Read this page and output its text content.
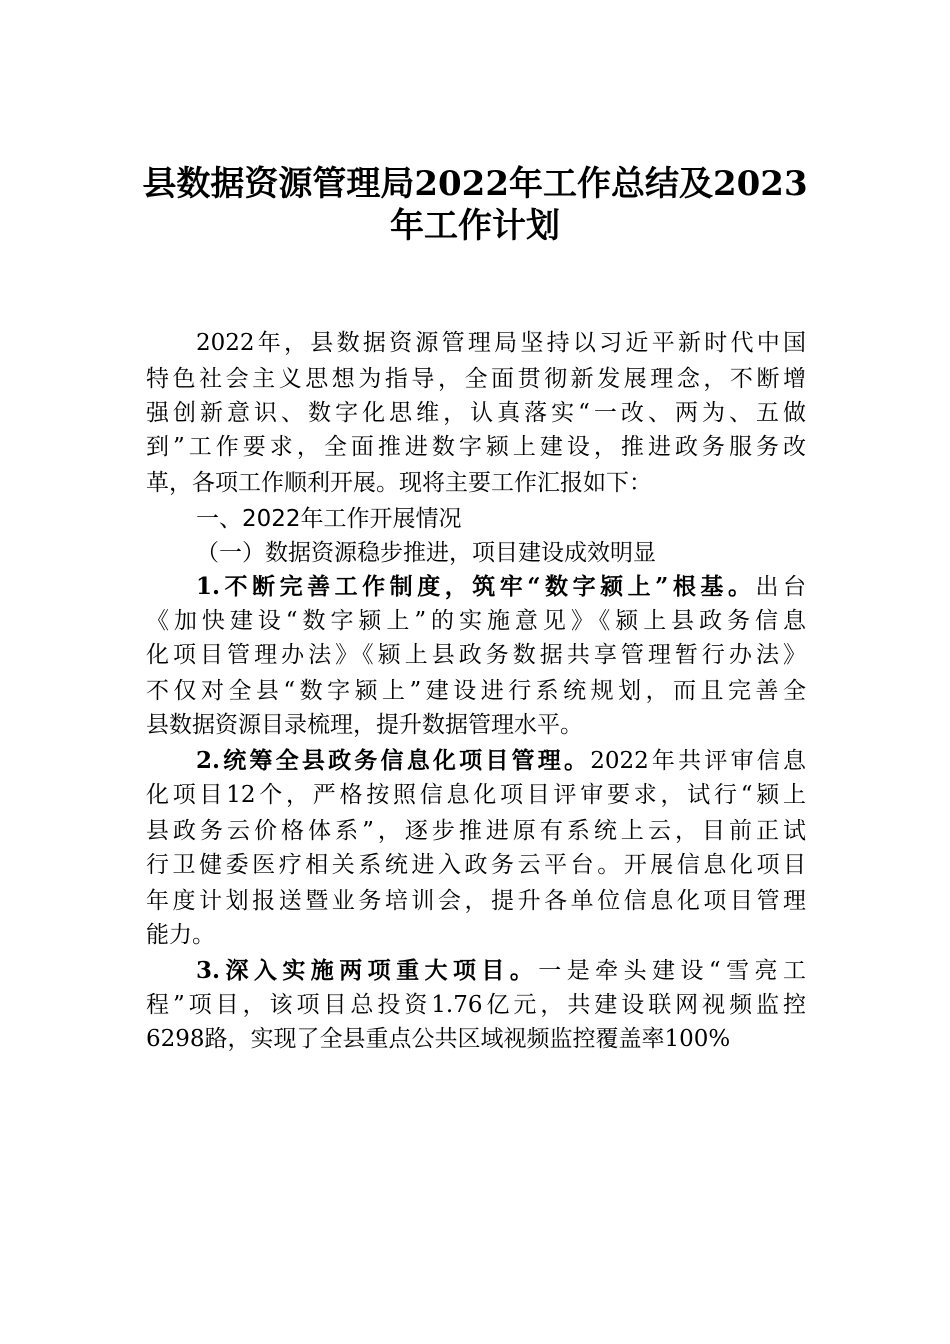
县数据资源管理局2022年工作总结及2023
年工作计划

2022年，县数据资源管理局坚持以习近平新时代中国

特色社会主义思想为指导，全面贯彻新发展理念，不断增

强创新意识、数字化思维，认真落实“一改、两为、五做

到”工作要求，全面推进数字颍上建设，推进政务服务改

革，各项工作顺利开展。现将主要工作汇报如下：

一、2022年工作开展情况

（一）数据资源稳步推进，项目建设成效明显

1.不断完善工作制度，筑牢“数字颍上”根基。出台

《加快建设“数字颍上”的实施意见》《颍上县政务信息

化项目管理办法》《颍上县政务数据共享管理暂行办法》

不仅对全县“数字颍上”建设进行系统规划，而且完善全

县数据资源目录梳理，提升数据管理水平。

2.统筹全县政务信息化项目管理。2022年共评审信息

化项目12个，严格按照信息化项目评审要求，试行“颍上

县政务云价格体系”，逐步推进原有系统上云，目前正试

行卫健委医疗相关系统进入政务云平台。开展信息化项目

年度计划报送暨业务培训会，提升各单位信息化项目管理

能力。

3.深入实施两项重大项目。一是牵头建设“雪亮工

程”项目，该项目总投资1.76亿元，共建设联网视频监控

6298路，实现了全县重点公共区域视频监控覆盖率100%
